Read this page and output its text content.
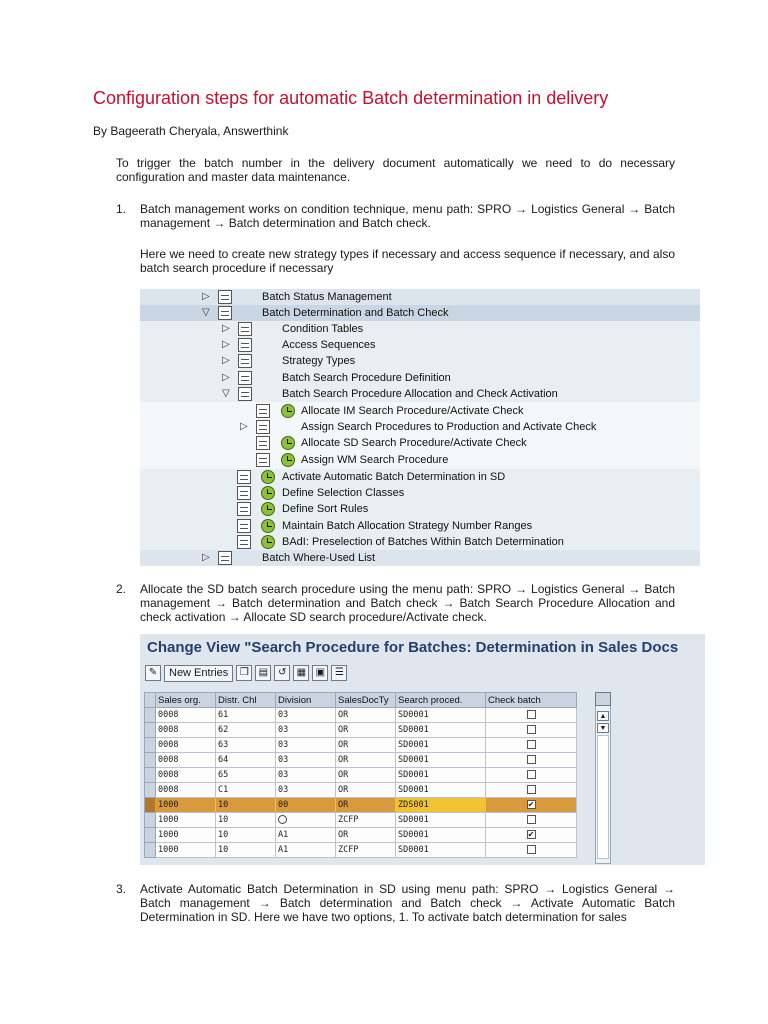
Configuration steps for automatic Batch determination in delivery
By Bageerath Cheryala, Answerthink
To trigger the batch number in the delivery document automatically we need to do necessary configuration and master data maintenance.
1. Batch management works on condition technique, menu path: SPRO → Logistics General → Batch management → Batch determination and Batch check.
Here we need to create new strategy types if necessary and access sequence if necessary, and also batch search procedure if necessary
▷	Batch Status Management
▽	Batch Determination and Batch Check
▷	Condition Tables
▷	Access Sequences
▷	Strategy Types
▷	Batch Search Procedure Definition
▽	Batch Search Procedure Allocation and Check Activation
Allocate IM Search Procedure/Activate Check
▷	Assign Search Procedures to Production and Activate Check
Allocate SD Search Procedure/Activate Check
Assign WM Search Procedure
Activate Automatic Batch Determination in SD
Define Selection Classes
Define Sort Rules
Maintain Batch Allocation Strategy Number Ranges
BAdI: Preselection of Batches Within Batch Determination
▷	Batch Where-Used List
2. Allocate the SD batch search procedure using the menu path: SPRO → Logistics General → Batch management → Batch determination and Batch check → Batch Search Procedure Allocation and check activation → Allocate SD search procedure/Activate check.
Change View "Search Procedure for Batches: Determination in Sales Docs
✎	New Entries	❐ ▤	↺	▦ ▣ ☰
	Sales org.	Distr. Chl	Division	SalesDocTy	Search proced.	Check batch
	0008	61	03	OR	SD0001	
	0008	62	03	OR	SD0001	
	0008	63	03	OR	SD0001	
	0008	64	03	OR	SD0001	
	0008	65	03	OR	SD0001	
	0008	C1	03	OR	SD0001	
	1000	10	00	OR	ZDS001	✔
	1000	10		ZCFP	SD0001	
	1000	10	A1	OR	SD0001	✔
	1000	10	A1	ZCFP	SD0001	
▲
▼
3. Activate Automatic Batch Determination in SD using menu path: SPRO → Logistics General → Batch management → Batch determination and Batch check → Activate Automatic Batch Determination in SD. Here we have two options, 1. To activate batch determination for sales
